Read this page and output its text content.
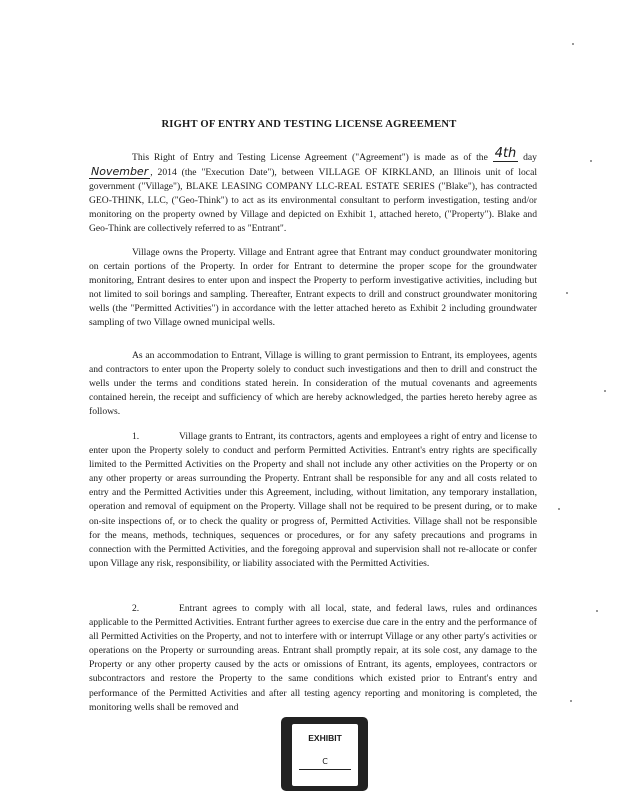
RIGHT OF ENTRY AND TESTING LICENSE AGREEMENT

This Right of Entry and Testing License Agreement ("Agreement") is made as of the 4th day November , 2014 (the "Execution Date"), between VILLAGE OF KIRKLAND, an Illinois unit of local government ("Village"), BLAKE LEASING COMPANY LLC-REAL ESTATE SERIES ("Blake"), has contracted GEO-THINK, LLC, ("Geo-Think") to act as its environmental consultant to perform investigation, testing and/or monitoring on the property owned by Village and depicted on Exhibit 1, attached hereto, ("Property"). Blake and Geo-Think are collectively referred to as "Entrant".

Village owns the Property. Village and Entrant agree that Entrant may conduct groundwater monitoring on certain portions of the Property. In order for Entrant to determine the proper scope for the groundwater monitoring, Entrant desires to enter upon and inspect the Property to perform investigative activities, including but not limited to soil borings and sampling. Thereafter, Entrant expects to drill and construct groundwater monitoring wells (the "Permitted Activities") in accordance with the letter attached hereto as Exhibit 2 including groundwater sampling of two Village owned municipal wells.

As an accommodation to Entrant, Village is willing to grant permission to Entrant, its employees, agents and contractors to enter upon the Property solely to conduct such investigations and then to drill and construct the wells under the terms and conditions stated herein. In consideration of the mutual covenants and agreements contained herein, the receipt and sufficiency of which are hereby acknowledged, the parties hereto hereby agree as follows.

1.	Village grants to Entrant, its contractors, agents and employees a right of entry and license to enter upon the Property solely to conduct and perform Permitted Activities. Entrant's entry rights are specifically limited to the Permitted Activities on the Property and shall not include any other activities on the Property or on any other property or areas surrounding the Property. Entrant shall be responsible for any and all costs related to entry and the Permitted Activities under this Agreement, including, without limitation, any temporary installation, operation and removal of equipment on the Property. Village shall not be required to be present during, or to make on-site inspections of, or to check the quality or progress of, Permitted Activities. Village shall not be responsible for the means, methods, techniques, sequences or procedures, or for any safety precautions and programs in connection with the Permitted Activities, and the foregoing approval and supervision shall not re-allocate or confer upon Village any risk, responsibility, or liability associated with the Permitted Activities.

2.	Entrant agrees to comply with all local, state, and federal laws, rules and ordinances applicable to the Permitted Activities. Entrant further agrees to exercise due care in the entry and the performance of all Permitted Activities on the Property, and not to interfere with or interrupt Village or any other party's activities or operations on the Property or surrounding areas. Entrant shall promptly repair, at its sole cost, any damage to the Property or any other property caused by the acts or omissions of Entrant, its agents, employees, contractors or subcontractors and restore the Property to the same conditions which existed prior to Entrant's entry and performance of the Permitted Activities and after all testing agency reporting and monitoring is completed, the monitoring wells shall be removed and

EXHIBIT
C
